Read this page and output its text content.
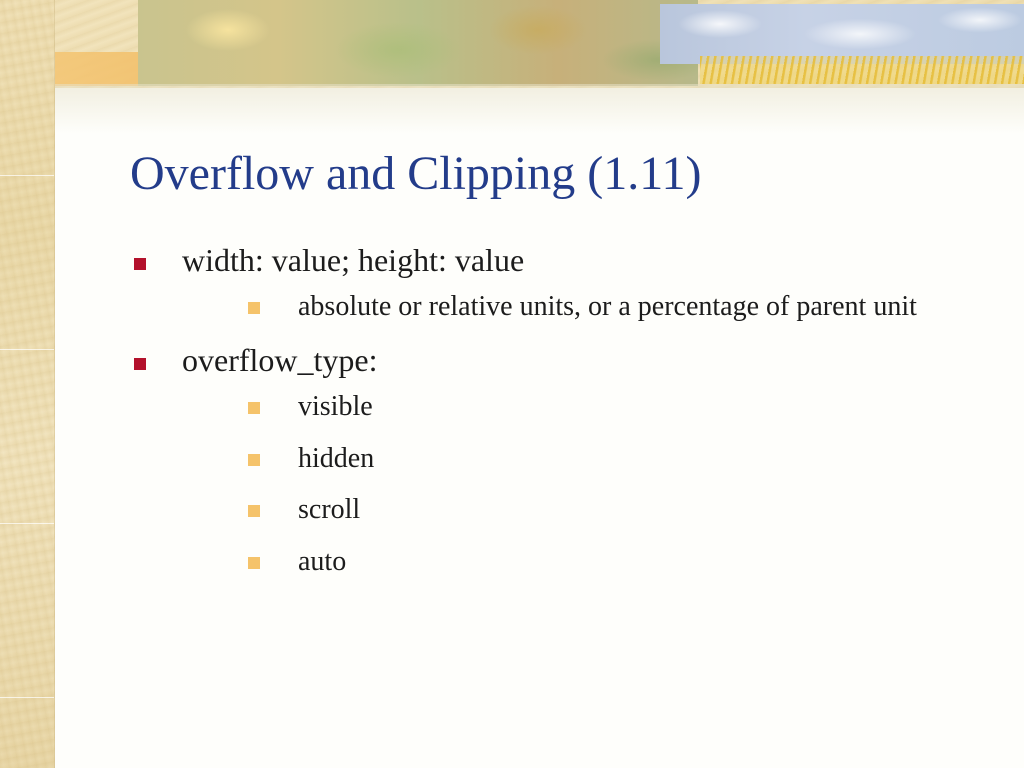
Overflow and Clipping (1.11)
width: value; height: value
absolute or relative units, or a percentage of parent unit
overflow_type:
visible
hidden
scroll
auto
